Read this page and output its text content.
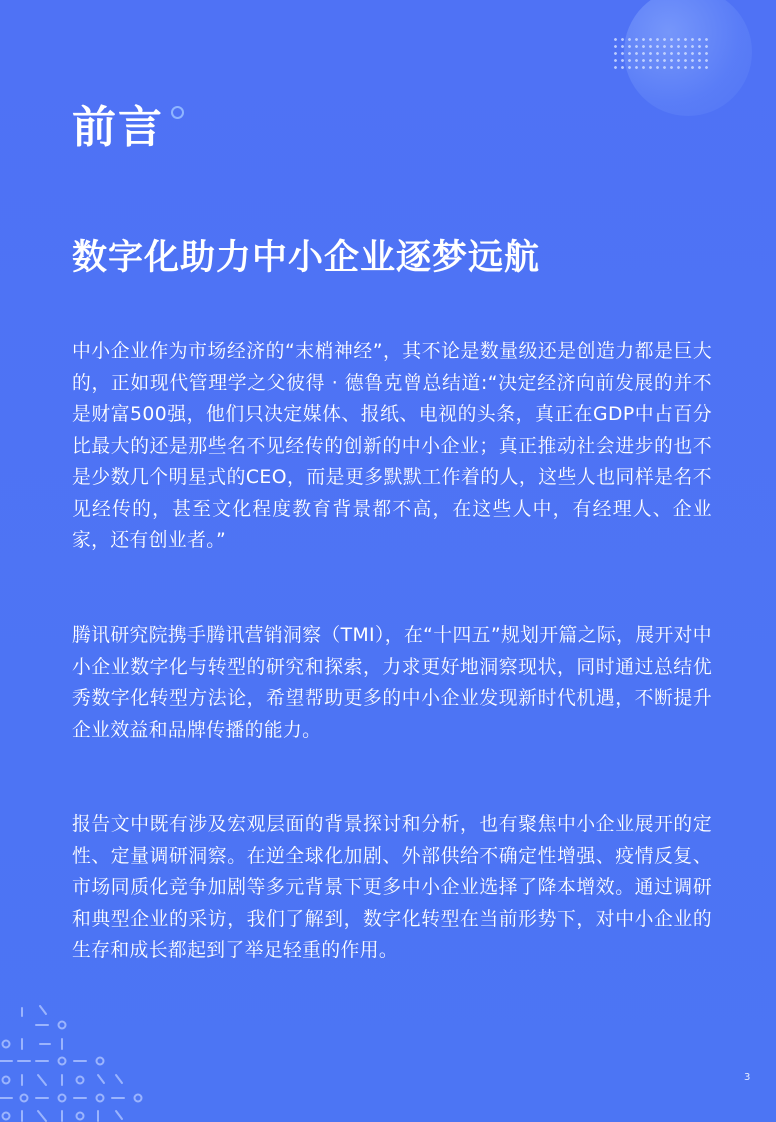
前言
数字化助力中小企业逐梦远航

中小企业作为市场经济的“末梢神经”，其不论是数量级还是创造力都是巨大的，正如现代管理学之父彼得 · 德鲁克曾总结道:“决定经济向前发展的并不是财富500强，他们只决定媒体、报纸、电视的头条，真正在GDP中占百分比最大的还是那些名不见经传的创新的中小企业；真正推动社会进步的也不是少数几个明星式的CEO，而是更多默默工作着的人，这些人也同样是名不见经传的，甚至文化程度教育背景都不高，在这些人中，有经理人、企业家，还有创业者。”

腾讯研究院携手腾讯营销洞察（TMI），在“十四五”规划开篇之际，展开对中小企业数字化与转型的研究和探索，力求更好地洞察现状，同时通过总结优秀数字化转型方法论，希望帮助更多的中小企业发现新时代机遇，不断提升企业效益和品牌传播的能力。

报告文中既有涉及宏观层面的背景探讨和分析，也有聚焦中小企业展开的定性、定量调研洞察。在逆全球化加剧、外部供给不确定性增强、疫情反复、市场同质化竞争加剧等多元背景下更多中小企业选择了降本增效。通过调研和典型企业的采访，我们了解到，数字化转型在当前形势下，对中小企业的生存和成长都起到了举足轻重的作用。

3
